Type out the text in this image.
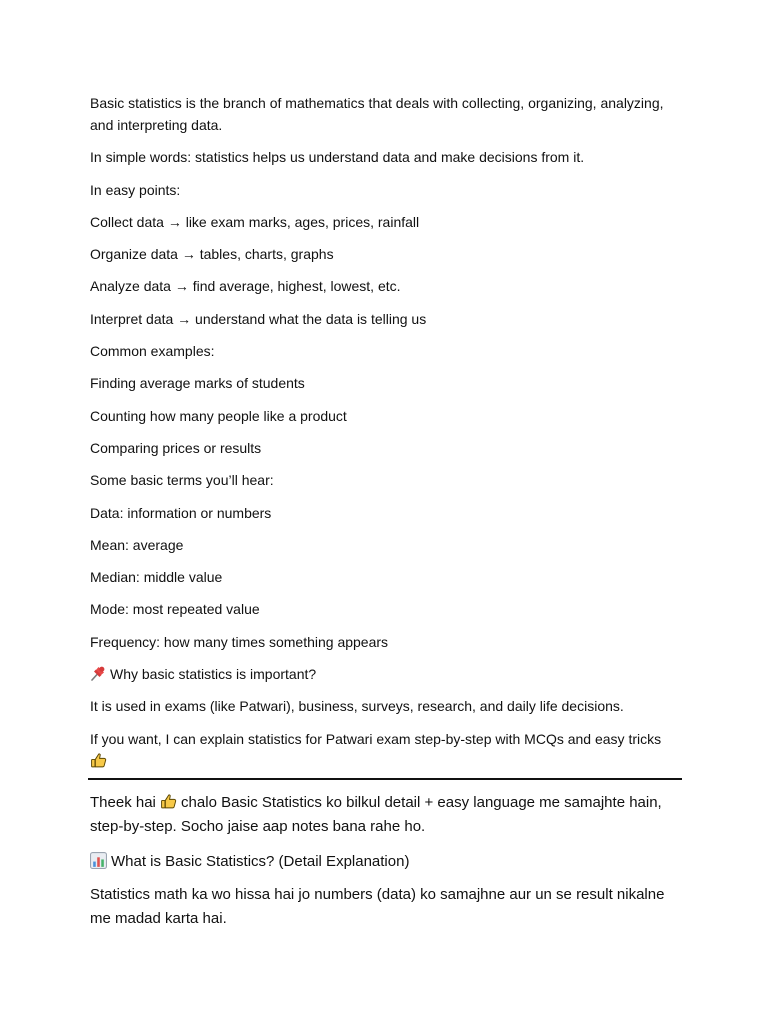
Basic statistics is the branch of mathematics that deals with collecting, organizing, analyzing, and interpreting data.

In simple words: statistics helps us understand data and make decisions from it.

In easy points:

Collect data → like exam marks, ages, prices, rainfall

Organize data → tables, charts, graphs

Analyze data → find average, highest, lowest, etc.

Interpret data → understand what the data is telling us

Common examples:

Finding average marks of students

Counting how many people like a product

Comparing prices or results

Some basic terms you’ll hear:

Data: information or numbers

Mean: average

Median: middle value

Mode: most repeated value

Frequency: how many times something appears

Why basic statistics is important?

It is used in exams (like Patwari), business, surveys, research, and daily life decisions.

If you want, I can explain statistics for Patwari exam step-by-step with MCQs and easy tricks

Theek hai chalo Basic Statistics ko bilkul detail + easy language me samajhte hain, step-by-step. Socho jaise aap notes bana rahe ho.

What is Basic Statistics? (Detail Explanation)

Statistics math ka wo hissa hai jo numbers (data) ko samajhne aur un se result nikalne me madad karta hai.
